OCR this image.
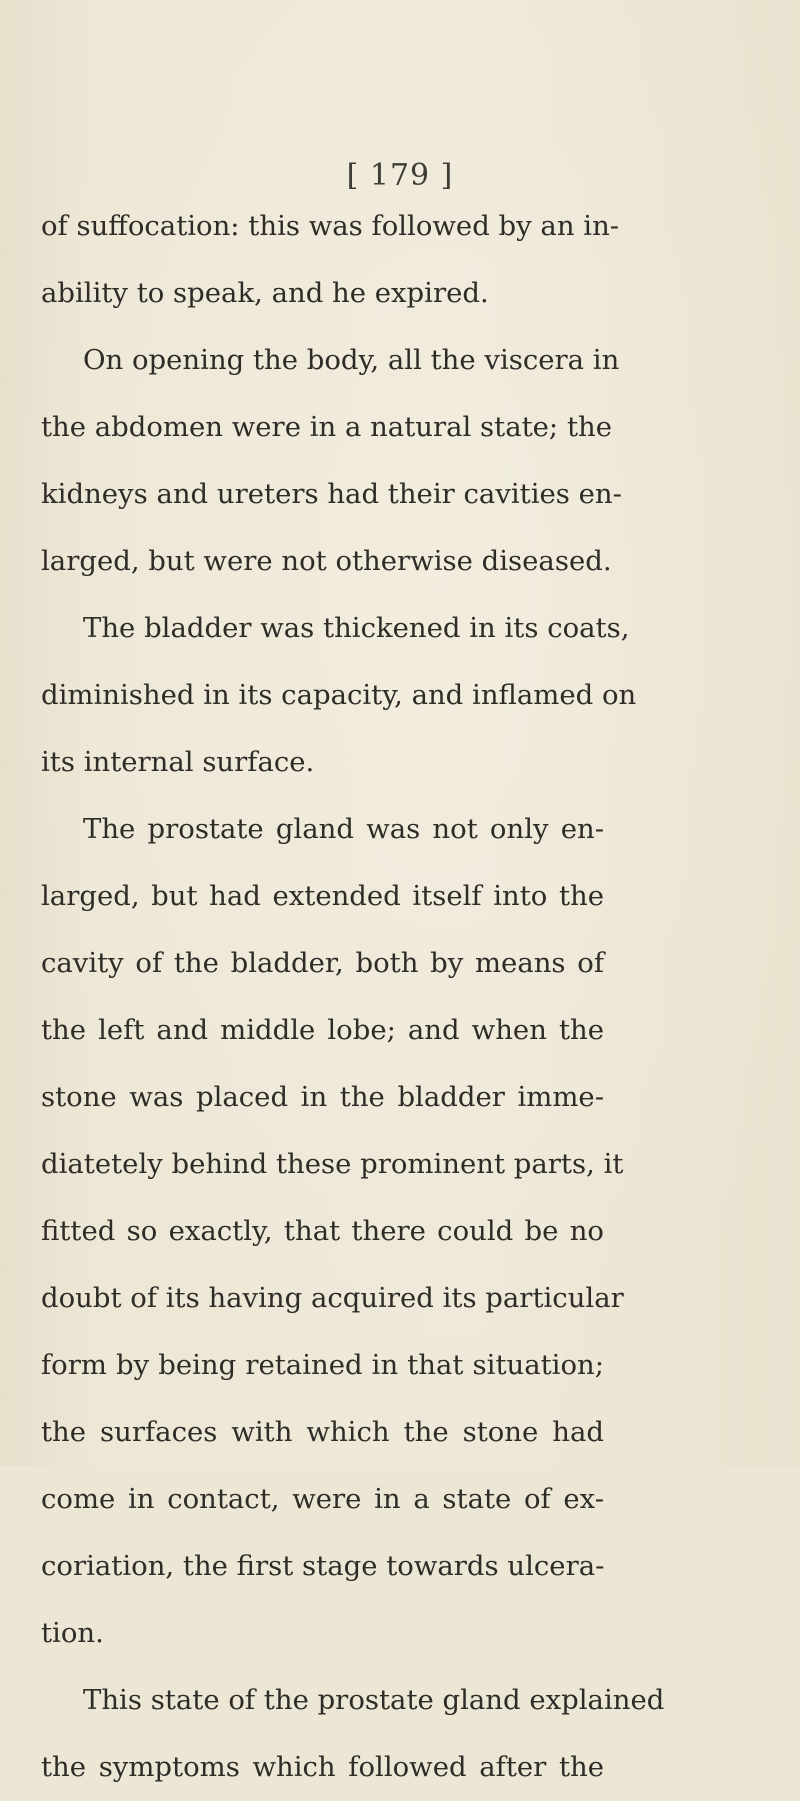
[ 179 ]
of suffocation: this was followed by an in-
ability to speak, and he expired.
On opening the body, all the viscera in
the abdomen were in a natural state; the
kidneys and ureters had their cavities en-
larged, but were not otherwise diseased.
The bladder was thickened in its coats,
diminished in its capacity, and inflamed on
its internal surface.
The prostate gland was not only en-
larged, but had extended itself into the
cavity of the bladder, both by means of
the left and middle lobe; and when the
stone was placed in the bladder imme-
diatetely behind these prominent parts, it
fitted so exactly, that there could be no
doubt of its having acquired its particular
form by being retained in that situation;
the surfaces with which the stone had
come in contact, were in a state of ex-
coriation, the first stage towards ulcera-
tion.
This state of the prostate gland explained
the symptoms which followed after the
